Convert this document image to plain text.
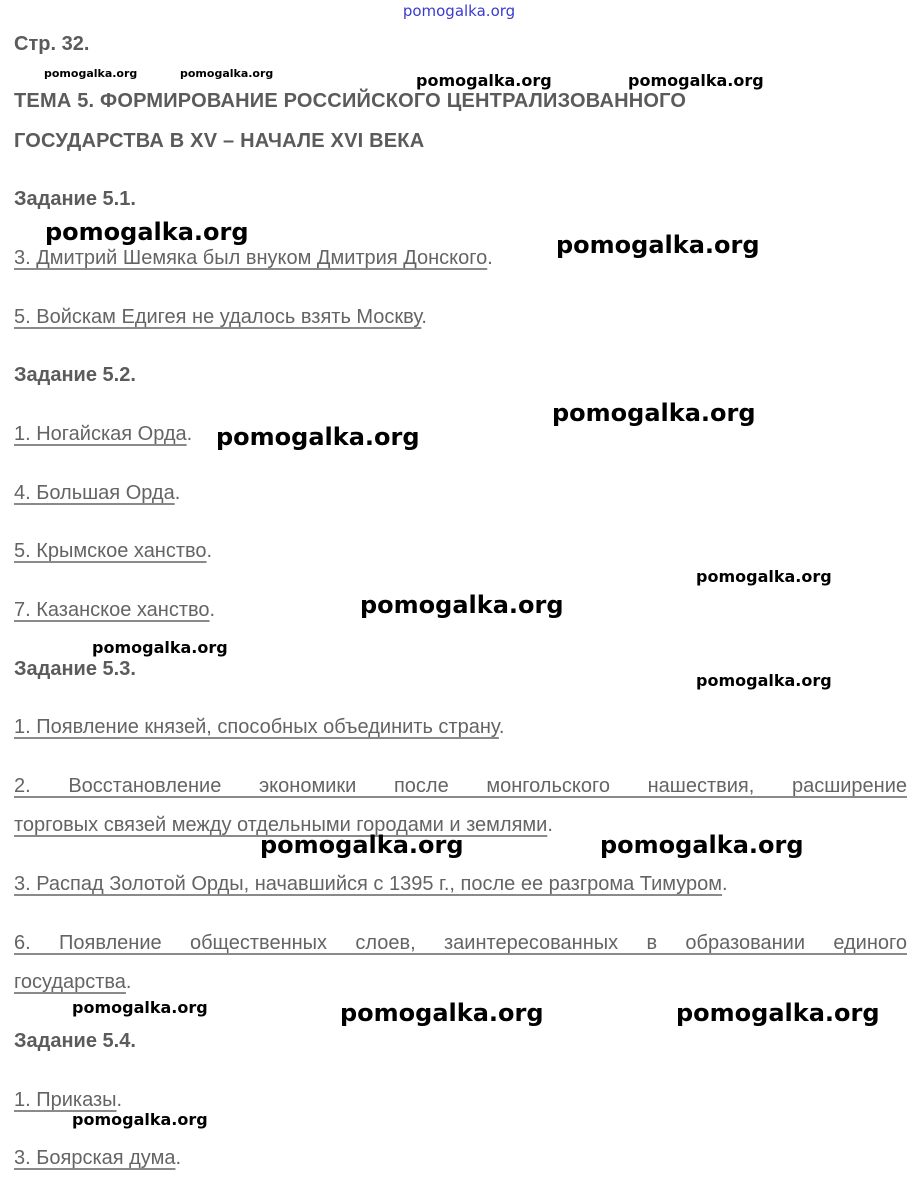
pomogalka.org
Стр. 32.
ТЕМА 5. ФОРМИРОВАНИЕ РОССИЙСКОГО ЦЕНТРАЛИЗОВАННОГО
ГОСУДАРСТВА В XV – НАЧАЛЕ XVI ВЕКА
Задание 5.1.
3. Дмитрий Шемяка был внуком Дмитрия Донского.
5. Войскам Едигея не удалось взять Москву.
Задание 5.2.
1. Ногайская Орда.
4. Большая Орда.
5. Крымское ханство.
7. Казанское ханство.
Задание 5.3.
1. Появление князей, способных объединить страну.
2. Восстановление экономики после монгольского нашествия, расширение
торговых связей между отдельными городами и землями.
3. Распад Золотой Орды, начавшийся с 1395 г., после ее разгрома Тимуром.
6. Появление общественных слоев, заинтересованных в образовании единого
государства.
Задание 5.4.
1. Приказы.
3. Боярская дума.
pomogalka.org	pomogalka.org	pomogalka.org	pomogalka.org
pomogalka.org	pomogalka.org
pomogalka.org
pomogalka.org
pomogalka.org
pomogalka.org
pomogalka.org
pomogalka.org
pomogalka.org	pomogalka.org
pomogalka.org	pomogalka.org	pomogalka.org
pomogalka.org
